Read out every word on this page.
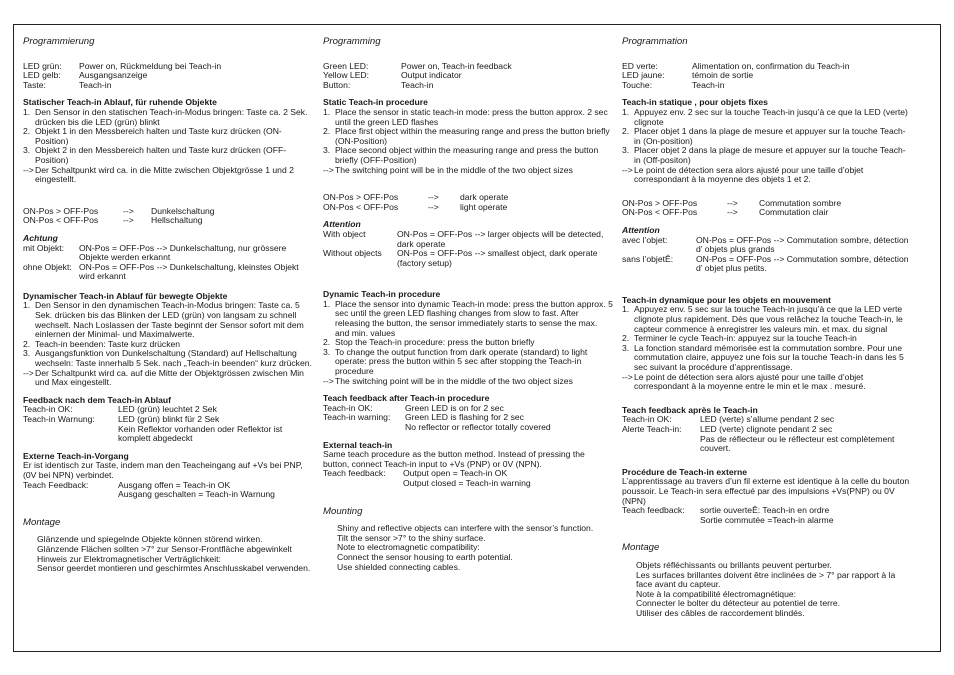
Programmierung
LED grün:	Power on, Rückmeldung bei Teach-in
LED gelb:	Ausgangsanzeige
Taste:	Teach-in
Statischer Teach-in Ablauf, für ruhende Objekte
1. Den Sensor in den statischen Teach-in-Modus bringen: Taste ca. 2 Sek. drücken bis die LED (grün) blinkt
2. Objekt 1 in den Messbereich halten und Taste kurz drücken (ON-Position)
3. Objekt 2 in den Messbereich halten und Taste kurz drücken (OFF-Position)
--> Der Schaltpunkt wird ca. in die Mitte zwischen Objektgrösse 1 und 2 eingestellt.
ON-Pos > OFF-Pos	-->	Dunkelschaltung
ON-Pos < OFF-Pos	-->	Hellschaltung
Achtung
mit Objekt:	ON-Pos = OFF-Pos --> Dunkelschaltung, nur grössere Objekte werden erkannt
ohne Objekt: ON-Pos = OFF-Pos --> Dunkelschaltung, kleinstes Objekt wird erkannt
Dynamischer Teach-in Ablauf für bewegte Objekte
1. Den Sensor in den dynamischen Teach-in-Modus bringen: Taste ca. 5 Sek. drücken bis das Blinken der LED (grün) von langsam zu schnell wechselt. Nach Loslassen der Taste beginnt der Sensor sofort mit dem einlernen der Minimal- und Maximalwerte.
2. Teach-in beenden: Taste kurz drücken
3. Ausgangsfunktion von Dunkelschaltung (Standard) auf Hellschaltung wechseln: Taste innerhalb 5 Sek. nach „Teach-in beenden“ kurz drücken.
--> Der Schaltpunkt wird ca. auf die Mitte der Objektgrössen zwischen Min und Max eingestellt.
Feedback nach dem Teach-in Ablauf
Teach-in OK:	LED (grün) leuchtet 2 Sek
Teach-in Warnung:	LED (grün) blinkt für 2 Sek
Kein Reflektor vorhanden oder Reflektor ist komplett abgedeckt
Externe Teach-in-Vorgang
Er ist identisch zur Taste, indem man den Teacheingang auf +Vs bei PNP, (0V bei NPN) verbindet.
Teach Feedback:	Ausgang offen = Teach-in OK
Ausgang geschalten = Teach-in Warnung
Montage
Glänzende und spiegelnde Objekte können störend wirken.
Glänzende Flächen sollten >7° zur Sensor-Frontfläche abgewinkelt
Hinweis zur Elektromagnetischer Verträglichkeit:
Sensor geerdet montieren und geschirmtes Anschlusskabel verwenden.
Programming
Green LED:	Power on, Teach-in feedback
Yellow LED:	Output indicator
Button:	Teach-in
Static Teach-in procedure
1. Place the sensor in static teach-in mode: press the button approx. 2 sec until the green LED flashes
2. Place first object within the measuring range and press the button briefly (ON-Position)
3. Place second object within the measuring range and press the button briefly (OFF-Position)
--> The switching point will be in the middle of the two object sizes
ON-Pos > OFF-Pos	-->	dark operate
ON-Pos < OFF-Pos	-->	light operate
Attention
With object	ON-Pos = OFF-Pos --> larger objects will be detected, dark operate
Without objects	ON-Pos = OFF-Pos --> smallest object, dark operate (factory setup)
Dynamic Teach-in procedure
1. Place the sensor into dynamic Teach-in mode: press the button approx. 5 sec until the green LED flashing changes from slow to fast. After releasing the button, the sensor immediately starts to sense the max. and min. values
2. Stop the Teach-in procedure: press the button briefly
3. To change the output function from dark operate (standard) to light operate: press the button within 5 sec after stopping the Teach-in procedure
--> The switching point will be in the middle of the two object sizes
Teach feedback after Teach-in procedure
Teach-in OK:	Green LED is on for 2 sec
Teach-in warning:	Green LED is flashing for 2 sec
No reflector or reflector totally covered
External teach-in
Same teach procedure as the button method. Instead of pressing the button, connect Teach-in input to +Vs (PNP) or 0V (NPN).
Teach feedback:	Output open = Teach-in OK
Output closed = Teach-in warning
Mounting
Shiny and reflective objects can interfere with the sensor’s function.
Tilt the sensor >7° to the shiny surface.
Note to electromagnetic compatibility:
Connect the sensor housing to earth potential.
Use shielded connecting cables.
Programmation
ED verte:	Alimentation on, confirmation du Teach-in
LED jaune:	témoin de sortie
Touche:	Teach-in
Teach-in statique , pour objets fixes
1. Appuyez env. 2 sec sur la touche Teach-in jusqu’à ce que la LED (verte) clignote
2. Placer objet 1 dans la plage de mesure et appuyer sur la touche Teach-in (On-position)
3. Placer objet 2 dans la plage de mesure et appuyer sur la touche Teach-in (Off-positon)
--> Le point de détection sera alors ajusté pour une taille d’objet correspondant à la moyenne des objets 1 et 2.
ON-Pos > OFF-Pos	-->	Commutation sombre
ON-Pos < OFF-Pos	-->	Commutation clair
Attention
avec l’objet:	ON-Pos = OFF-Pos --> Commutation sombre, détection d’ objets plus grands
sans l’objetÊ:	ON-Pos = OFF-Pos --> Commutation sombre, détection d’ objet plus petits.
Teach-in dynamique pour les objets en mouvement
1. Appuyez env. 5 sec sur la touche Teach-in jusqu’à ce que la LED verte clignote plus rapidement. Dès que vous relâchez la touche Teach-in, le capteur commence à enregistrer les valeurs min. et max. du signal
2. Terminer le cycle Teach-in: appuyez sur la touche Teach-in
3. La fonction standard mémorisée est la commutation sombre. Pour une commutation claire, appuyez une fois sur la touche Teach-in dans les 5 sec suivant la procédure d’apprentissage.
--> Le point de détection sera alors ajusté pour une taille d’objet correspondant à la moyenne entre le min et le max . mesuré.
Teach feedback après le Teach-in
Teach-in OK:	LED (verte) s’allume pendant 2 sec
Alerte Teach-in:	LED (verte) clignote pendant 2 sec
Pas de réflecteur ou le réflecteur est complètement couvert.
Procédure de Teach-in externe
L’apprentissage au travers d’un fil externe est identique à la celle du bouton poussoir. Le Teach-in sera effectué par des impulsions +Vs(PNP) ou 0V (NPN)
Teach feedback:	sortie ouverteÊ: Teach-in en ordre
Sortie commutée =Teach-in alarme
Montage
Objets réfléchissants ou brillants peuvent perturber.
Les surfaces brillantes doivent être inclinées de > 7° par rapport à la face avant du capteur.
Note à la compatibilité électromagnétique:
Connecter le bolter du détecteur au potentiel de terre.
Utiliser des câbles de raccordement blindés.
